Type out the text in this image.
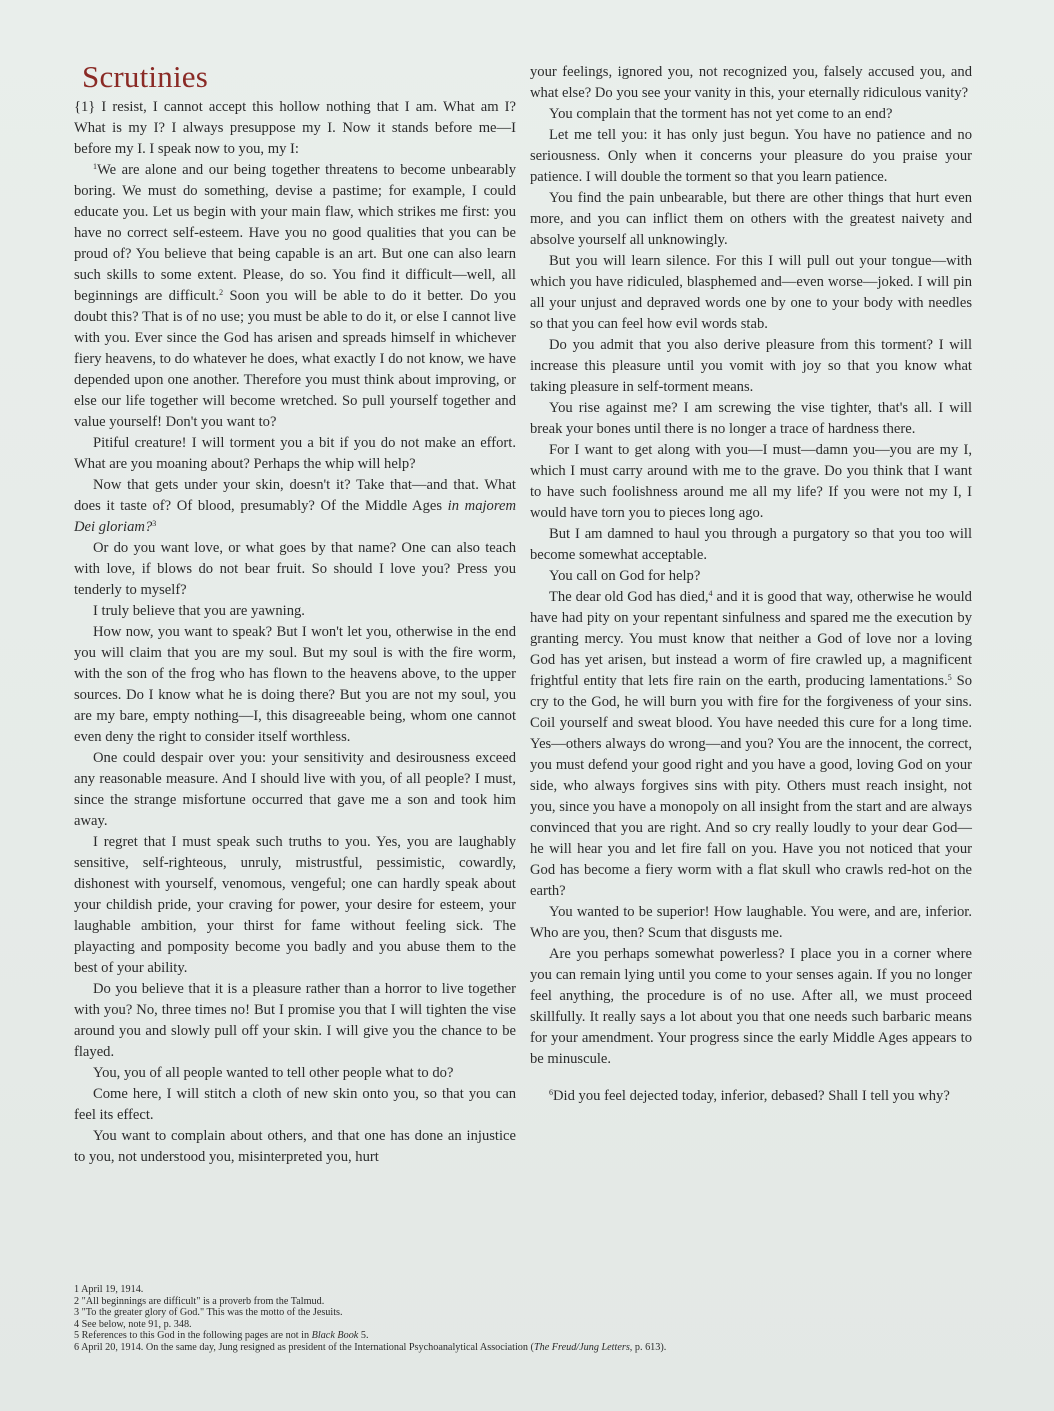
Scrutinies

{1} I resist, I cannot accept this hollow nothing that I am. What am I? What is my I? I always presuppose my I. Now it stands before me—I before my I. I speak now to you, my I:

$^1$We are alone and our being together threatens to become unbearably boring. We must do something, devise a pastime; for example, I could educate you. Let us begin with your main flaw, which strikes me first: you have no correct self-esteem. Have you no good qualities that you can be proud of? You believe that being capable is an art. But one can also learn such skills to some extent. Please, do so. You find it difficult—well, all beginnings are difficult.$^2$ Soon you will be able to do it better. Do you doubt this? That is of no use; you must be able to do it, or else I cannot live with you. Ever since the God has arisen and spreads himself in whichever fiery heavens, to do whatever he does, what exactly I do not know, we have depended upon one another. Therefore you must think about improving, or else our life together will become wretched. So pull yourself together and value yourself! Don't you want to?

Pitiful creature! I will torment you a bit if you do not make an effort. What are you moaning about? Perhaps the whip will help?

Now that gets under your skin, doesn't it? Take that—and that. What does it taste of? Of blood, presumably? Of the Middle Ages in majorem Dei gloriam?$^3$

Or do you want love, or what goes by that name? One can also teach with love, if blows do not bear fruit. So should I love you? Press you tenderly to myself?

I truly believe that you are yawning.

How now, you want to speak? But I won't let you, otherwise in the end you will claim that you are my soul. But my soul is with the fire worm, with the son of the frog who has flown to the heavens above, to the upper sources. Do I know what he is doing there? But you are not my soul, you are my bare, empty nothing—I, this disagreeable being, whom one cannot even deny the right to consider itself worthless.

One could despair over you: your sensitivity and desirousness exceed any reasonable measure. And I should live with you, of all people? I must, since the strange misfortune occurred that gave me a son and took him away.

I regret that I must speak such truths to you. Yes, you are laughably sensitive, self-righteous, unruly, mistrustful, pessimistic, cowardly, dishonest with yourself, venomous, vengeful; one can hardly speak about your childish pride, your craving for power, your desire for esteem, your laughable ambition, your thirst for fame without feeling sick. The playacting and pomposity become you badly and you abuse them to the best of your ability.

Do you believe that it is a pleasure rather than a horror to live together with you? No, three times no! But I promise you that I will tighten the vise around you and slowly pull off your skin. I will give you the chance to be flayed.

You, you of all people wanted to tell other people what to do?

Come here, I will stitch a cloth of new skin onto you, so that you can feel its effect.

You want to complain about others, and that one has done an injustice to you, not understood you, misinterpreted you, hurt

your feelings, ignored you, not recognized you, falsely accused you, and what else? Do you see your vanity in this, your eternally ridiculous vanity?

You complain that the torment has not yet come to an end?

Let me tell you: it has only just begun. You have no patience and no seriousness. Only when it concerns your pleasure do you praise your patience. I will double the torment so that you learn patience.

You find the pain unbearable, but there are other things that hurt even more, and you can inflict them on others with the greatest naivety and absolve yourself all unknowingly.

But you will learn silence. For this I will pull out your tongue—with which you have ridiculed, blasphemed and—even worse—joked. I will pin all your unjust and depraved words one by one to your body with needles so that you can feel how evil words stab.

Do you admit that you also derive pleasure from this torment? I will increase this pleasure until you vomit with joy so that you know what taking pleasure in self-torment means.

You rise against me? I am screwing the vise tighter, that's all. I will break your bones until there is no longer a trace of hardness there.

For I want to get along with you—I must—damn you—you are my I, which I must carry around with me to the grave. Do you think that I want to have such foolishness around me all my life? If you were not my I, I would have torn you to pieces long ago.

But I am damned to haul you through a purgatory so that you too will become somewhat acceptable.

You call on God for help?

The dear old God has died,$^4$ and it is good that way, otherwise he would have had pity on your repentant sinfulness and spared me the execution by granting mercy. You must know that neither a God of love nor a loving God has yet arisen, but instead a worm of fire crawled up, a magnificent frightful entity that lets fire rain on the earth, producing lamentations.$^5$ So cry to the God, he will burn you with fire for the forgiveness of your sins. Coil yourself and sweat blood. You have needed this cure for a long time. Yes—others always do wrong—and you? You are the innocent, the correct, you must defend your good right and you have a good, loving God on your side, who always forgives sins with pity. Others must reach insight, not you, since you have a monopoly on all insight from the start and are always convinced that you are right. And so cry really loudly to your dear God—he will hear you and let fire fall on you. Have you not noticed that your God has become a fiery worm with a flat skull who crawls red-hot on the earth?

You wanted to be superior! How laughable. You were, and are, inferior. Who are you, then? Scum that disgusts me.

Are you perhaps somewhat powerless? I place you in a corner where you can remain lying until you come to your senses again. If you no longer feel anything, the procedure is of no use. After all, we must proceed skillfully. It really says a lot about you that one needs such barbaric means for your amendment. Your progress since the early Middle Ages appears to be minuscule.

$^6$Did you feel dejected today, inferior, debased? Shall I tell you why?

1 April 19, 1914.
2 "All beginnings are difficult" is a proverb from the Talmud.
3 "To the greater glory of God." This was the motto of the Jesuits.
4 See below, note 91, p. 348.
5 References to this God in the following pages are not in Black Book 5.
6 April 20, 1914. On the same day, Jung resigned as president of the International Psychoanalytical Association (The Freud/Jung Letters, p. 613).
